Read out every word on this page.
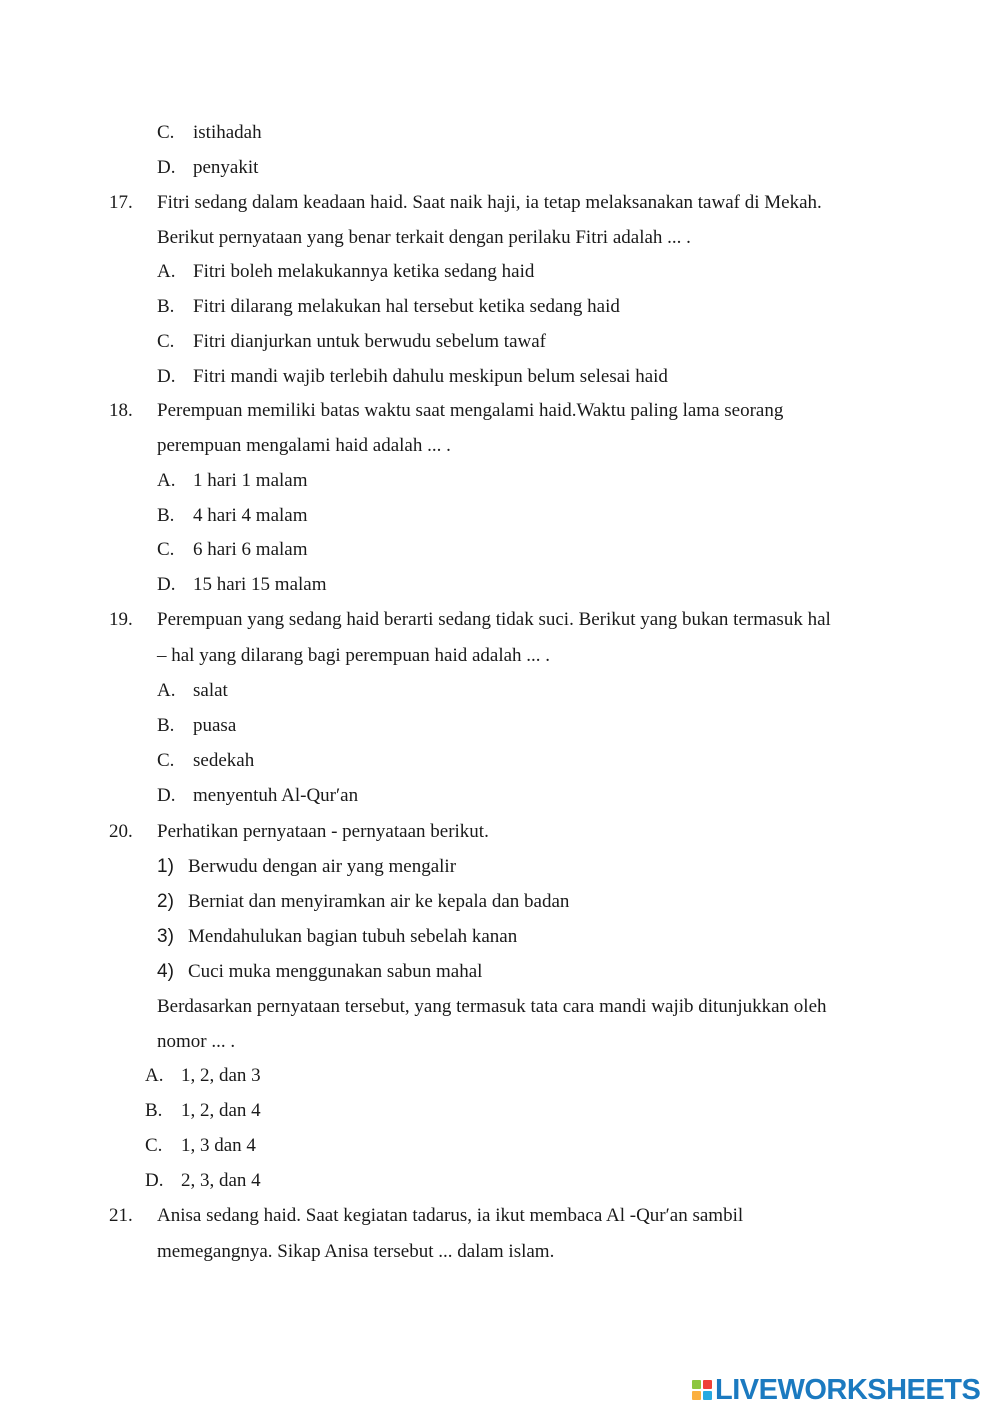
C. istihadah
D. penyakit
17. Fitri sedang dalam keadaan haid. Saat naik haji, ia tetap melaksanakan tawaf di Mekah.
Berikut pernyataan yang benar terkait dengan perilaku Fitri adalah ... .
A. Fitri boleh melakukannya ketika sedang haid
B. Fitri dilarang melakukan hal tersebut ketika sedang haid
C. Fitri dianjurkan untuk berwudu sebelum tawaf
D. Fitri mandi wajib terlebih dahulu meskipun belum selesai haid
18. Perempuan memiliki batas waktu saat mengalami haid.Waktu paling lama seorang
perempuan mengalami haid adalah ... .
A. 1 hari 1 malam
B. 4 hari 4 malam
C. 6 hari 6 malam
D. 15 hari 15 malam
19. Perempuan yang sedang haid berarti sedang tidak suci. Berikut yang bukan termasuk hal
– hal yang dilarang bagi perempuan haid adalah ... .
A. salat
B. puasa
C. sedekah
D. menyentuh Al-Qur′an
20. Perhatikan pernyataan - pernyataan berikut.
1) Berwudu dengan air yang mengalir
2) Berniat dan menyiramkan air ke kepala dan badan
3) Mendahulukan bagian tubuh sebelah kanan
4) Cuci muka menggunakan sabun mahal
Berdasarkan pernyataan tersebut, yang termasuk tata cara mandi wajib ditunjukkan oleh
nomor ... .
A. 1, 2, dan 3
B. 1, 2, dan 4
C. 1, 3 dan 4
D. 2, 3, dan 4
21. Anisa sedang haid. Saat kegiatan tadarus, ia ikut membaca Al -Qur′an sambil
memegangnya. Sikap Anisa tersebut ... dalam islam.
LIVEWORKSHEETS
